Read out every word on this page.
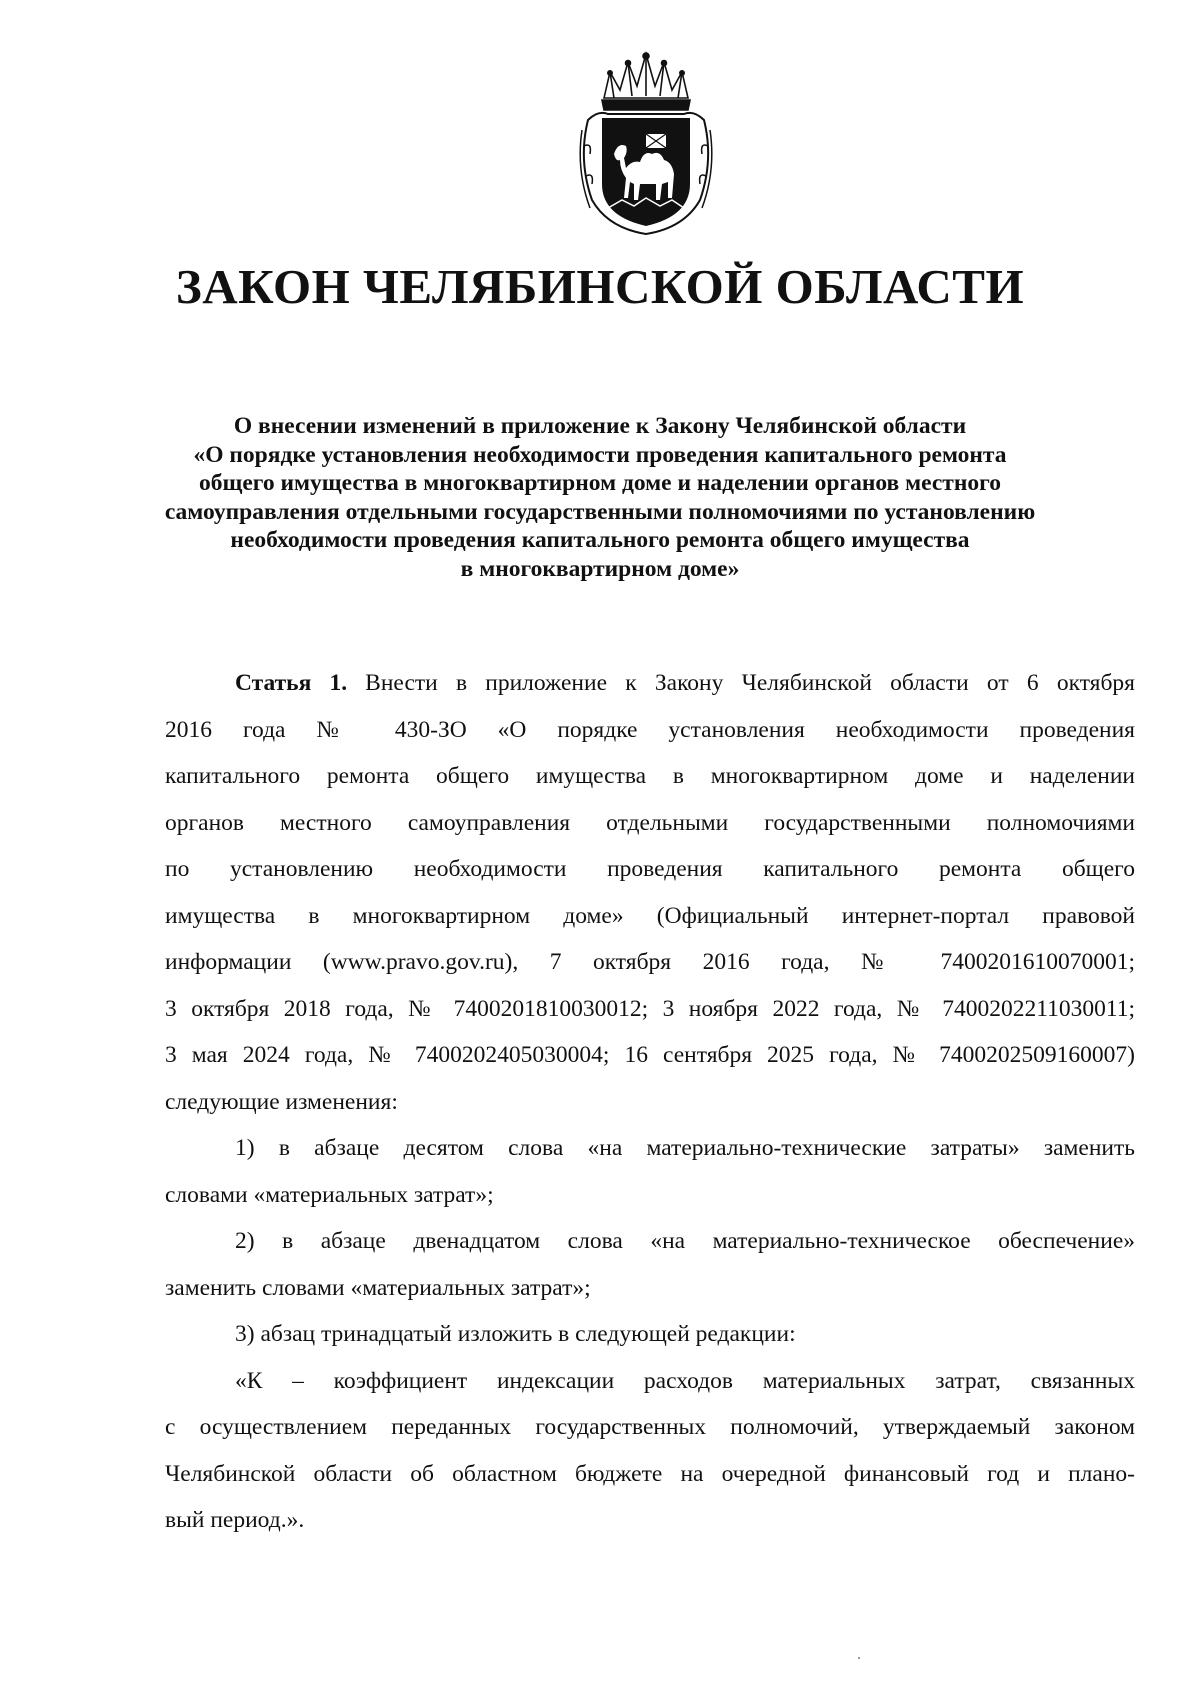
ЗАКОН ЧЕЛЯБИНСКОЙ ОБЛАСТИ
О внесении изменений в приложение к Закону Челябинской области
«О порядке установления необходимости проведения капитального ремонта
общего имущества в многоквартирном доме и наделении органов местного
самоуправления отдельными государственными полномочиями по установлению
необходимости проведения капитального ремонта общего имущества
в многоквартирном доме»
Статья 1. Внести в приложение к Закону Челябинской области от 6 октября
2016 года № 430-ЗО «О порядке установления необходимости проведения
капитального ремонта общего имущества в многоквартирном доме и наделении
органов местного самоуправления отдельными государственными полномочиями
по установлению необходимости проведения капитального ремонта общего
имущества в многоквартирном доме» (Официальный интернет-портал правовой
информации (www.pravo.gov.ru), 7 октября 2016 года, № 7400201610070001;
3 октября 2018 года, № 7400201810030012; 3 ноября 2022 года, № 7400202211030011;
3 мая 2024 года, № 7400202405030004; 16 сентября 2025 года, № 7400202509160007)
следующие изменения:
1) в абзаце десятом слова «на материально-технические затраты» заменить
словами «материальных затрат»;
2) в абзаце двенадцатом слова «на материально-техническое обеспечение»
заменить словами «материальных затрат»;
3) абзац тринадцатый изложить в следующей редакции:
«К – коэффициент индексации расходов материальных затрат, связанных
с осуществлением переданных государственных полномочий, утверждаемый законом
Челябинской области об областном бюджете на очередной финансовый год и плано-
вый период.».
